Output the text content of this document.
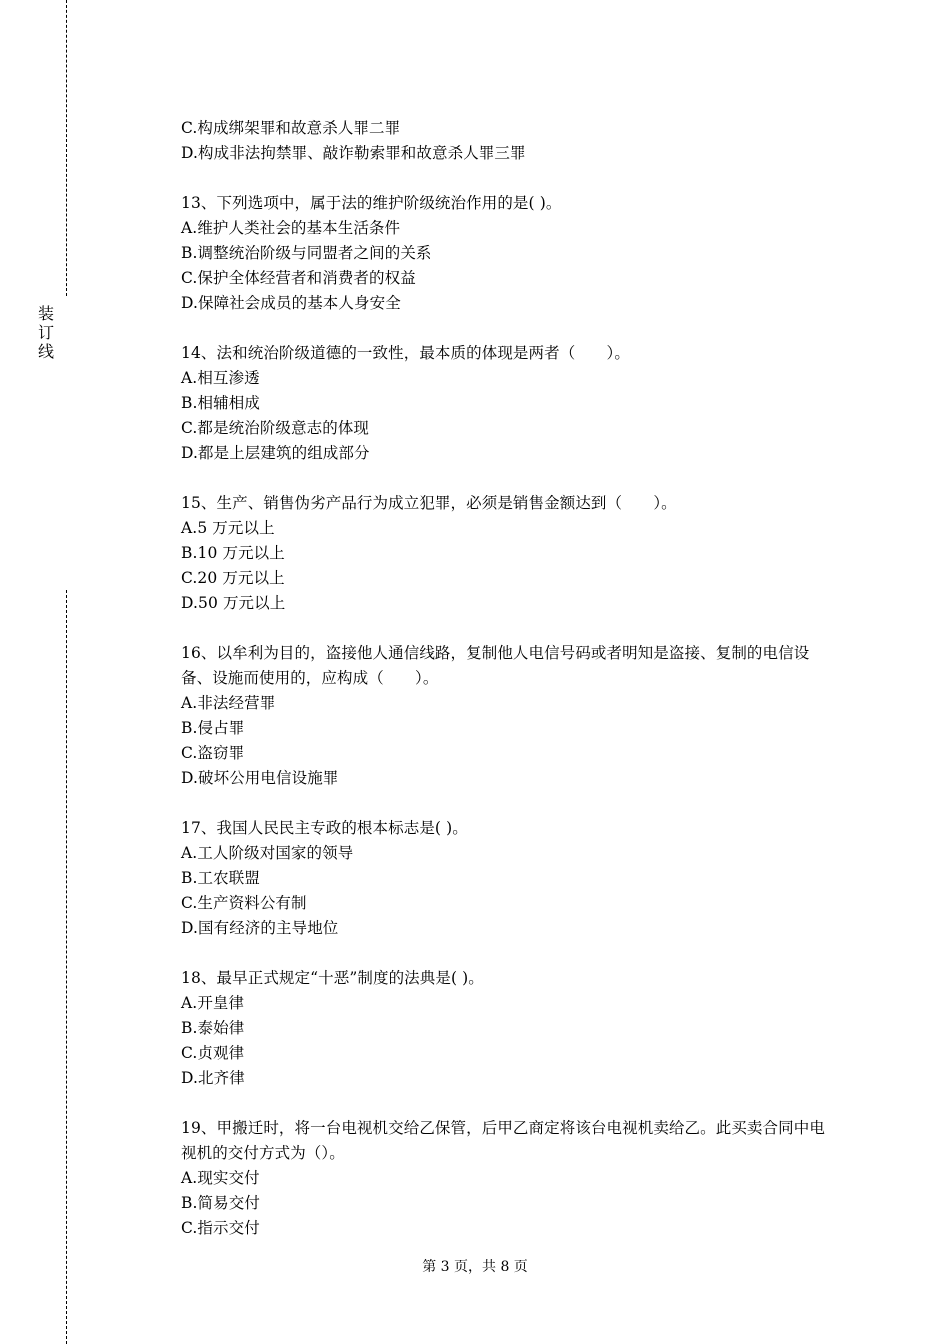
装
订
线
C.构成绑架罪和故意杀人罪二罪
D.构成非法拘禁罪、敲诈勒索罪和故意杀人罪三罪
13、下列选项中，属于法的维护阶级统治作用的是( )。
A.维护人类社会的基本生活条件
B.调整统治阶级与同盟者之间的关系
C.保护全体经营者和消费者的权益
D.保障社会成员的基本人身安全
14、法和统治阶级道德的一致性，最本质的体现是两者（　　）。
A.相互渗透
B.相辅相成
C.都是统治阶级意志的体现
D.都是上层建筑的组成部分
15、生产、销售伪劣产品行为成立犯罪，必须是销售金额达到（　　）。
A.5 万元以上
B.10 万元以上
C.20 万元以上
D.50 万元以上
16、以牟利为目的，盗接他人通信线路，复制他人电信号码或者明知是盗接、复制的电信设备、设施而使用的，应构成（　　）。
A.非法经营罪
B.侵占罪
C.盗窃罪
D.破坏公用电信设施罪
17、我国人民民主专政的根本标志是( )。
A.工人阶级对国家的领导
B.工农联盟
C.生产资料公有制
D.国有经济的主导地位
18、最早正式规定“十恶”制度的法典是( )。
A.开皇律
B.泰始律
C.贞观律
D.北齐律
19、甲搬迁时，将一台电视机交给乙保管，后甲乙商定将该台电视机卖给乙。此买卖合同中电视机的交付方式为（）。
A.现实交付
B.简易交付
C.指示交付
第 3 页，共 8 页
